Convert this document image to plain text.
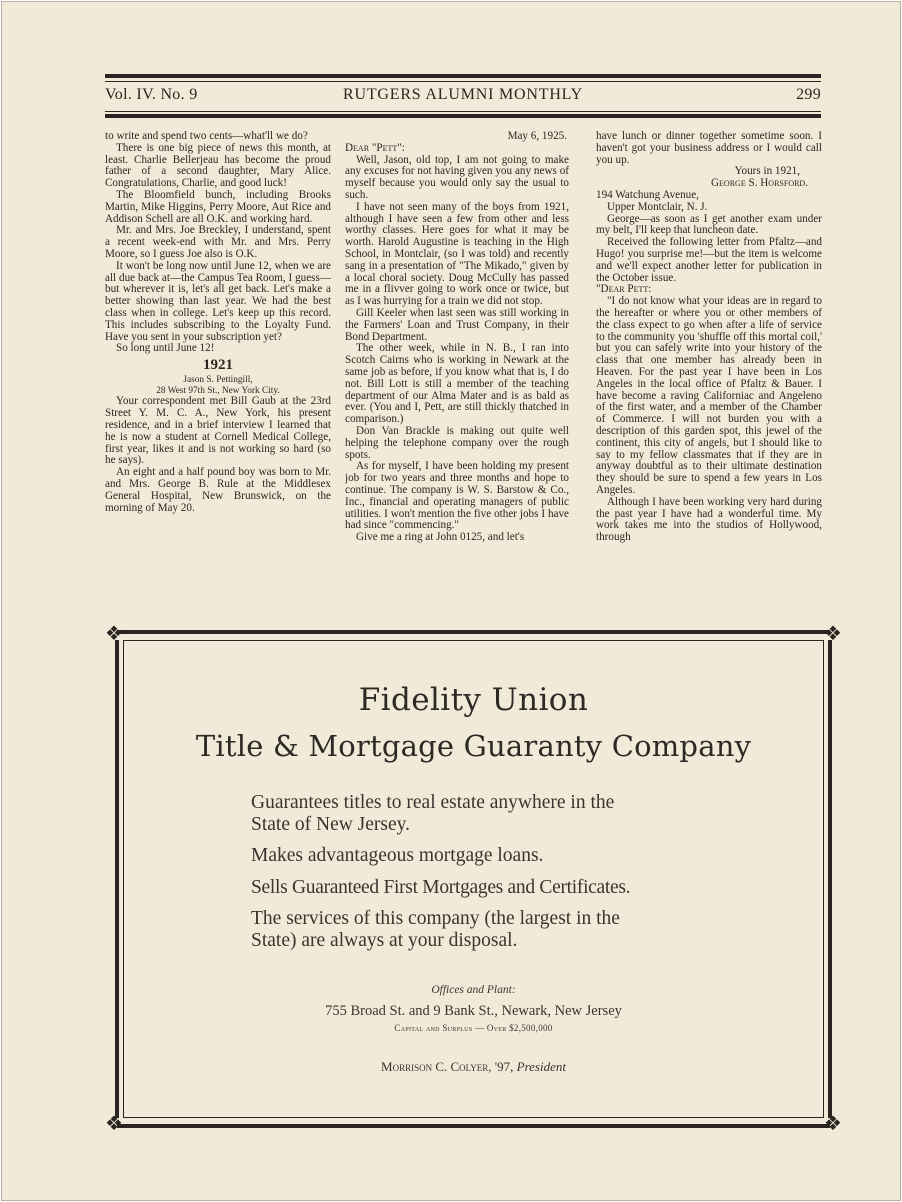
Vol. IV. No. 9	RUTGERS ALUMNI MONTHLY	299

to write and spend two cents—what'll we do?

There is one big piece of news this month, at least. Charlie Bellerjeau has become the proud father of a second daughter, Mary Alice. Congratulations, Charlie, and good luck!

The Bloomfield bunch, including Brooks Martin, Mike Higgins, Perry Moore, Aut Rice and Addison Schell are all O.K. and working hard.

Mr. and Mrs. Joe Breckley, I understand, spent a recent week-end with Mr. and Mrs. Perry Moore, so I guess Joe also is O.K.

It won't be long now until June 12, when we are all due back at—the Campus Tea Room, I guess—but wherever it is, let's all get back. Let's make a better showing than last year. We had the best class when in college. Let's keep up this record. This includes subscribing to the Loyalty Fund. Have you sent in your subscription yet?

So long until June 12!

1921

Jason S. Pettingill,

28 West 97th St., New York City.

Your correspondent met Bill Gaub at the 23rd Street Y. M. C. A., New York, his present residence, and in a brief interview I learned that he is now a student at Cornell Medical College, first year, likes it and is not working so hard (so he says).

An eight and a half pound boy was born to Mr. and Mrs. George B. Rule at the Middlesex General Hospital, New Brunswick, on the morning of May 20.

May 6, 1925.

Dear "Pett":

Well, Jason, old top, I am not going to make any excuses for not having given you any news of myself because you would only say the usual to such.

I have not seen many of the boys from 1921, although I have seen a few from other and less worthy classes. Here goes for what it may be worth. Harold Augustine is teaching in the High School, in Montclair, (so I was told) and recently sang in a presentation of "The Mikado," given by a local choral society. Doug McCully has passed me in a flivver going to work once or twice, but as I was hurrying for a train we did not stop.

Gill Keeler when last seen was still working in the Farmers' Loan and Trust Company, in their Bond Department.

The other week, while in N. B., I ran into Scotch Cairns who is working in Newark at the same job as before, if you know what that is, I do not. Bill Lott is still a member of the teaching department of our Alma Mater and is as bald as ever. (You and I, Pett, are still thickly thatched in comparison.)

Don Van Brackle is making out quite well helping the telephone company over the rough spots.

As for myself, I have been holding my present job for two years and three months and hope to continue. The company is W. S. Barstow & Co., Inc., financial and operating managers of public utilities. I won't mention the five other jobs I have had since "commencing."

Give me a ring at John 0125, and let's

have lunch or dinner together sometime soon. I haven't got your business address or I would call you up.

Yours in 1921,

George S. Horsford.

194 Watchung Avenue,

Upper Montclair, N. J.

George—as soon as I get another exam under my belt, I'll keep that luncheon date.

Received the following letter from Pfaltz—and Hugo! you surprise me!—but the item is welcome and we'll expect another letter for publication in the October issue.

"Dear Pett:

"I do not know what your ideas are in regard to the hereafter or where you or other members of the class expect to go when after a life of service to the community you 'shuffle off this mortal coil,' but you can safely write into your history of the class that one member has already been in Heaven. For the past year I have been in Los Angeles in the local office of Pfaltz & Bauer. I have become a raving Californiac and Angeleno of the first water, and a member of the Chamber of Commerce. I will not burden you with a description of this garden spot, this jewel of the continent, this city of angels, but I should like to say to my fellow classmates that if they are in anyway doubtful as to their ultimate destination they should be sure to spend a few years in Los Angeles.

Although I have been working very hard during the past year I have had a wonderful time. My work takes me into the studios of Hollywood, through

❖	❖
❖	❖
Fidelity Union
Title & Mortgage Guaranty Company
Guarantees titles to real estate anywhere in the
State of New Jersey.
Makes advantageous mortgage loans.
Sells Guaranteed First Mortgages and Certificates.
The services of this company (the largest in the
State) are always at your disposal.
Offices and Plant:
755 Broad St. and 9 Bank St., Newark, New Jersey
Capital and Surplus — Over $2,500,000
Morrison C. Colyer, '97, President
